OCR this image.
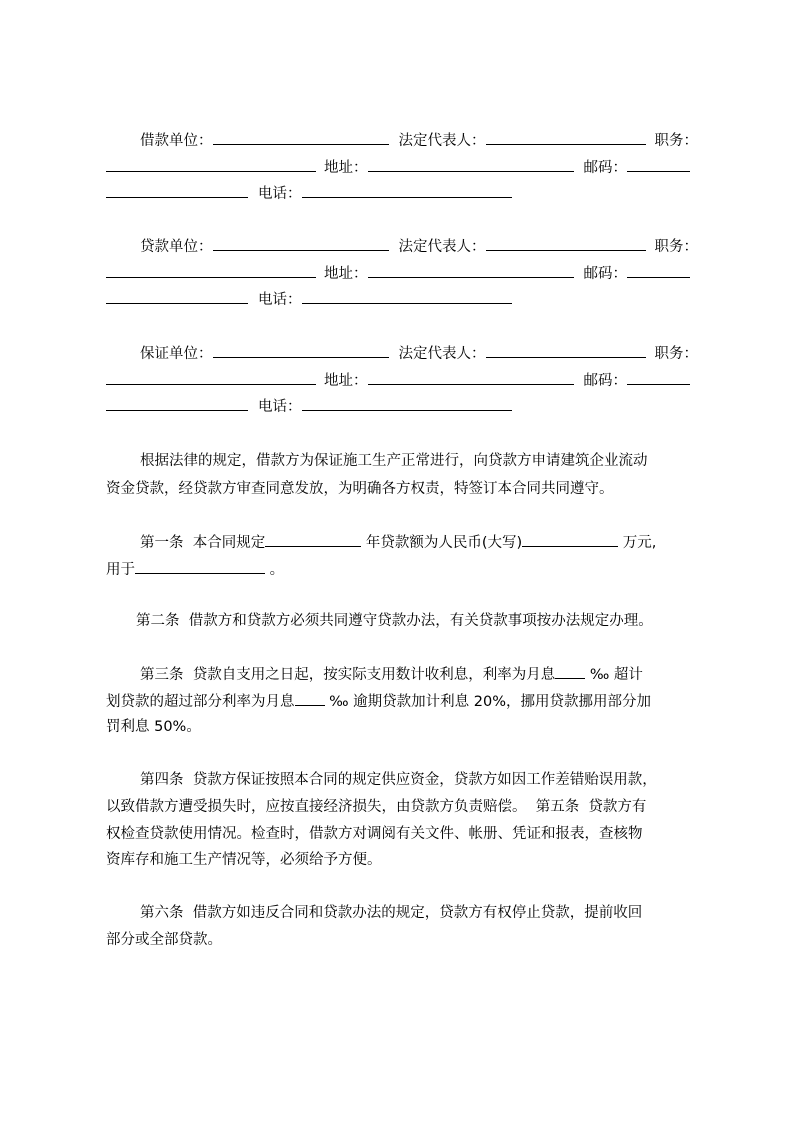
借款单位：	法定代表人：	职务：
地址：	邮码：
电话：
贷款单位：	法定代表人：	职务：
地址：	邮码：
电话：
保证单位：	法定代表人：	职务：
地址：	邮码：
电话：
根据法律的规定，借款方为保证施工生产正常进行，向贷款方申请建筑企业流动
资金贷款，经贷款方审查同意发放，为明确各方权责，特签订本合同共同遵守。
第一条  本合同规定	年贷款额为人民币(大写)	万元,
用于	。
第二条  借款方和贷款方必须共同遵守贷款办法，有关贷款事项按办法规定办理。
第三条  贷款自支用之日起，按实际支用数计收利息，利率为月息 ‰ 超计
划贷款的超过部分利率为月息 ‰ 逾期贷款加计利息 20%，挪用贷款挪用部分加
罚利息 50%。
第四条  贷款方保证按照本合同的规定供应资金，贷款方如因工作差错贻误用款，
以致借款方遭受损失时，应按直接经济损失，由贷款方负责赔偿。  第五条  贷款方有
权检查贷款使用情况。检查时，借款方对调阅有关文件、帐册、凭证和报表，查核物
资库存和施工生产情况等，必须给予方便。
第六条  借款方如违反合同和贷款办法的规定，贷款方有权停止贷款，提前收回
部分或全部贷款。
